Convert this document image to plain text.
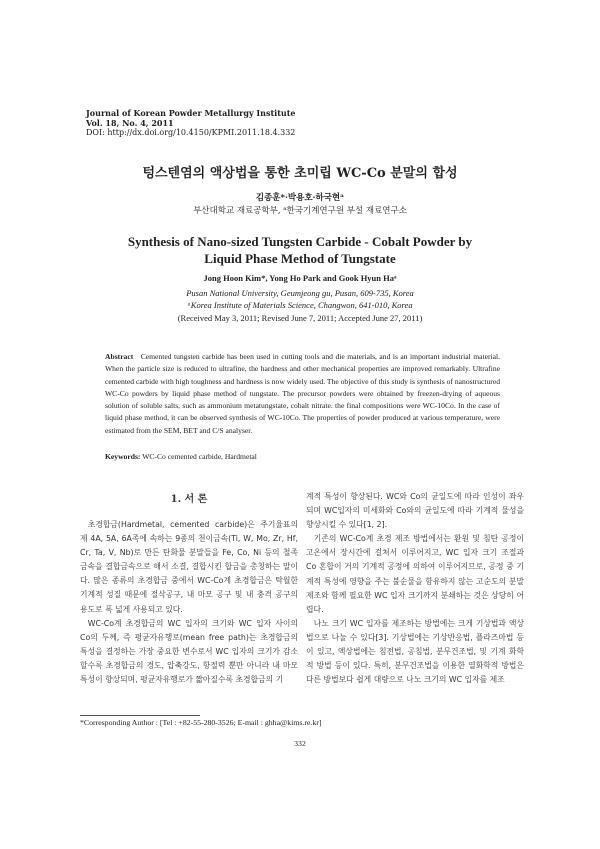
Journal of Korean Powder Metallurgy Institute
Vol. 18, No. 4, 2011
DOI: http://dx.doi.org/10.4150/KPMI.2011.18.4.332
텅스텐염의 액상법을 통한 초미립 WC-Co 분말의 합성
김종훈*·박용호·하국현ᵃ
부산대학교 재료공학부, ᵃ한국기계연구원 부설 재료연구소
Synthesis of Nano-sized Tungsten Carbide - Cobalt Powder by
Liquid Phase Method of Tungstate
Jong Hoon Kim*, Yong Ho Park and Gook Hyun Haᵃ
Pusan National University, Geumjeong gu, Pusan, 609-735, Korea
ᵃKorea Institute of Materials Science, Changwon, 641-010, Korea
(Received May 3, 2011; Revised June 7, 2011; Accepted June 27, 2011)
Abstract Cemented tungsten carbide has been used in cutting tools and die materials, and is an important industrial material. When the particle size is reduced to ultrafine, the hardness and other mechanical properties are improved remarkably. Ultrafine cemented carbide with high toughness and hardness is now widely used. The objective of this study is synthesis of nanostructured WC-Co powders by liquid phase method of tungstate. The precursor powders were obtained by freezen-drying of aqueous solution of soluble salts, such as ammonium metatungstate, cobalt nitrate. the final compositions were WC-10Co. In the case of liquid phase method, it can be observed synthesis of WC-10Co. The properties of powder produced at various temperature, were estimated from the SEM, BET and C/S analyser.
Keywords: WC-Co cemented carbide, Hardmetal
1. 서 론

초경합금(Hardmetal, cemented carbide)은 주기율표의 제 4A, 5A, 6A족에 속하는 9종의 천이금속(Ti, W, Mo, Zr, Hf, Cr, Ta, V, Nb)로 만든 탄화물 분말들을 Fe, Co, Ni 등의 철족 금속을 결합금속으로 해서 소결, 결합시킨 합금을 총칭하는 말이다. 많은 종류의 초경합금 중에서 WC-Co계 초경합금은 탁월한 기계적 성질 때문에 절삭공구, 내 마모 공구 및 내 충격 공구의 용도로 폭 넓게 사용되고 있다.

WC-Co계 초경합금의 WC 입자의 크기와 WC 입자 사이의 Co의 두께, 즉 평균자유행로(mean free path)는 초경합금의 특성을 결정하는 가장 중요한 변수로서 WC 입자의 크기가 감소할수록 초경합금의 경도, 압축강도, 항절력 뿐만 아니라 내 마모특성이 향상되며, 평균자유행로가 짧아질수록 초경합금의 기

계적 특성이 향상된다. WC와 Co의 균일도에 따라 인성이 좌우되며 WC입자의 미세화와 Co와의 균일도에 따라 기계적 물성을 향상시킬 수 있다[1, 2].

기존의 WC-Co계 초경 제조 방법에서는 환원 및 침탄 공정이 고온에서 장시간에 걸쳐서 이루어지고, WC 입자 크기 조절과 Co 혼합이 거의 기계적 공정에 의하여 이루어지므로, 공정 중 기계적 특성에 영향을 주는 불순물을 함유하지 않는 고순도의 분말 제조와 함께 필요한 WC 입자 크기까지 분쇄하는 것은 상당히 어렵다.

나노 크기 WC 입자를 제조하는 방법에는 크게 기상법과 액상법으로 나눌 수 있다[3]. 기상법에는 기상반응법, 플라즈마법 등이 있고, 액상법에는 침전법, 공침법, 분무건조법, 및 기계 화학적 방법 등이 있다. 특히, 분무건조법을 이용한 열화학적 방법은 다른 방법보다 쉽게 대량으로 나노 크기의 WC 입자를 제조

*Corresponding Author : [Tel : +82-55-280-3526; E-mail : ghha@kims.re.kr]
332
